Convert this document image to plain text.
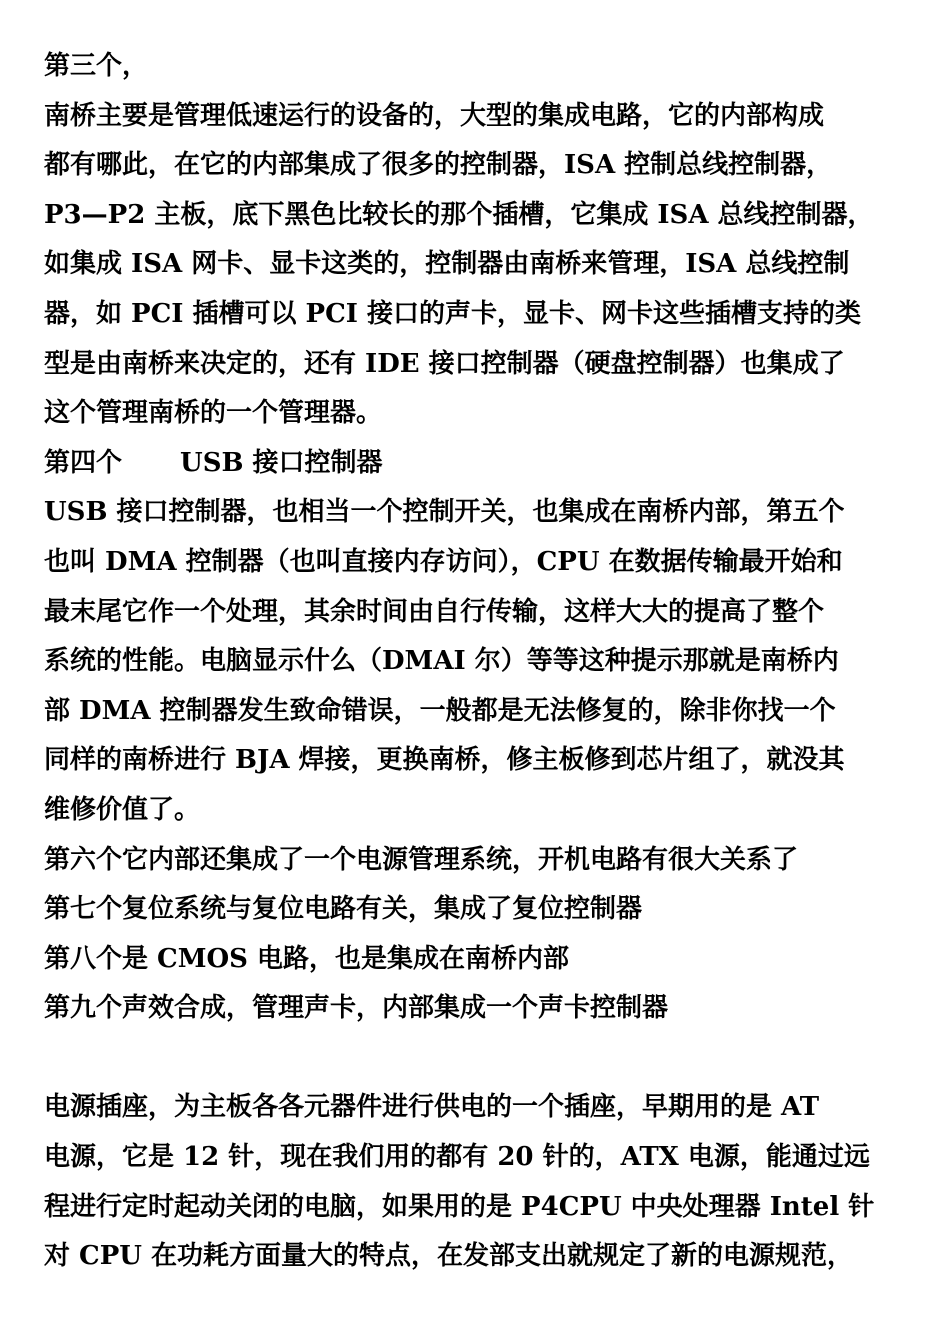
第三个，
南桥主要是管理低速运行的设备的，大型的集成电路，它的内部构成
都有哪此，在它的内部集成了很多的控制器，ISA 控制总线控制器，
P3—P2 主板，底下黑色比较长的那个插槽，它集成 ISA 总线控制器，
如集成 ISA 网卡、显卡这类的，控制器由南桥来管理，ISA 总线控制
器，如 PCI 插槽可以 PCI 接口的声卡，显卡、网卡这些插槽支持的类
型是由南桥来决定的，还有 IDE 接口控制器（硬盘控制器）也集成了
这个管理南桥的一个管理器。
第四个 USB 接口控制器
USB 接口控制器，也相当一个控制开关，也集成在南桥内部，第五个
也叫 DMA 控制器（也叫直接内存访问），CPU 在数据传输最开始和
最末尾它作一个处理，其余时间由自行传输，这样大大的提高了整个
系统的性能。电脑显示什么（DMAI 尔）等等这种提示那就是南桥内
部 DMA 控制器发生致命错误，一般都是无法修复的，除非你找一个
同样的南桥进行 BJA 焊接，更换南桥，修主板修到芯片组了，就没其
维修价值了。
第六个它内部还集成了一个电源管理系统，开机电路有很大关系了
第七个复位系统与复位电路有关，集成了复位控制器
第八个是 CMOS 电路，也是集成在南桥内部
第九个声效合成，管理声卡，内部集成一个声卡控制器
电源插座，为主板各各元器件进行供电的一个插座，早期用的是 AT
电源，它是 12 针，现在我们用的都有 20 针的，ATX 电源，能通过远
程进行定时起动关闭的电脑，如果用的是 P4CPU 中央处理器 Intel 针
对 CPU 在功耗方面量大的特点，在发部支出就规定了新的电源规范，
